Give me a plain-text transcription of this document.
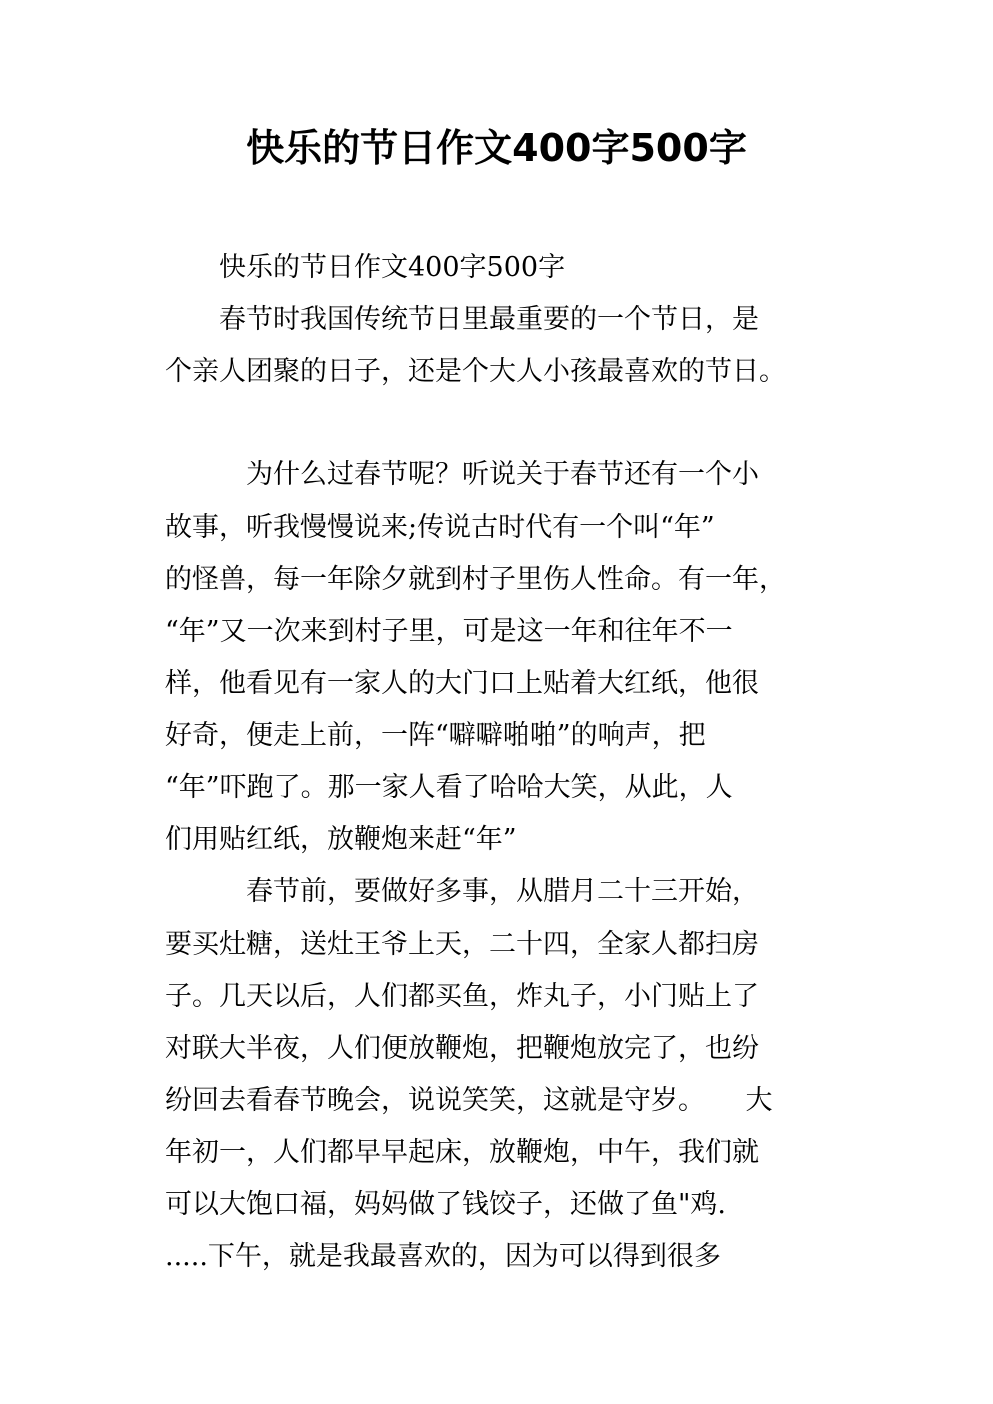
快乐的节日作文400字500字
　　快乐的节日作文400字500字
　　春节时我国传统节日里最重要的一个节日，是
个亲人团聚的日子，还是个大人小孩最喜欢的节日。
　　　为什么过春节呢？听说关于春节还有一个小
故事，听我慢慢说来;传说古时代有一个叫“年”
的怪兽，每一年除夕就到村子里伤人性命。有一年，
“年”又一次来到村子里，可是这一年和往年不一
样，他看见有一家人的大门口上贴着大红纸，他很
好奇，便走上前，一阵“噼噼啪啪”的响声，把
“年”吓跑了。那一家人看了哈哈大笑，从此，人
们用贴红纸，放鞭炮来赶“年”
　　　春节前，要做好多事，从腊月二十三开始，
要买灶糖，送灶王爷上天，二十四，全家人都扫房
子。几天以后，人们都买鱼，炸丸子，小门贴上了
对联大半夜，人们便放鞭炮，把鞭炮放完了，也纷
纷回去看春节晚会，说说笑笑，这就是守岁。　　大
年初一，人们都早早起床，放鞭炮，中午，我们就
可以大饱口福，妈妈做了钱饺子，还做了鱼"鸡.
.....下午，就是我最喜欢的，因为可以得到很多
